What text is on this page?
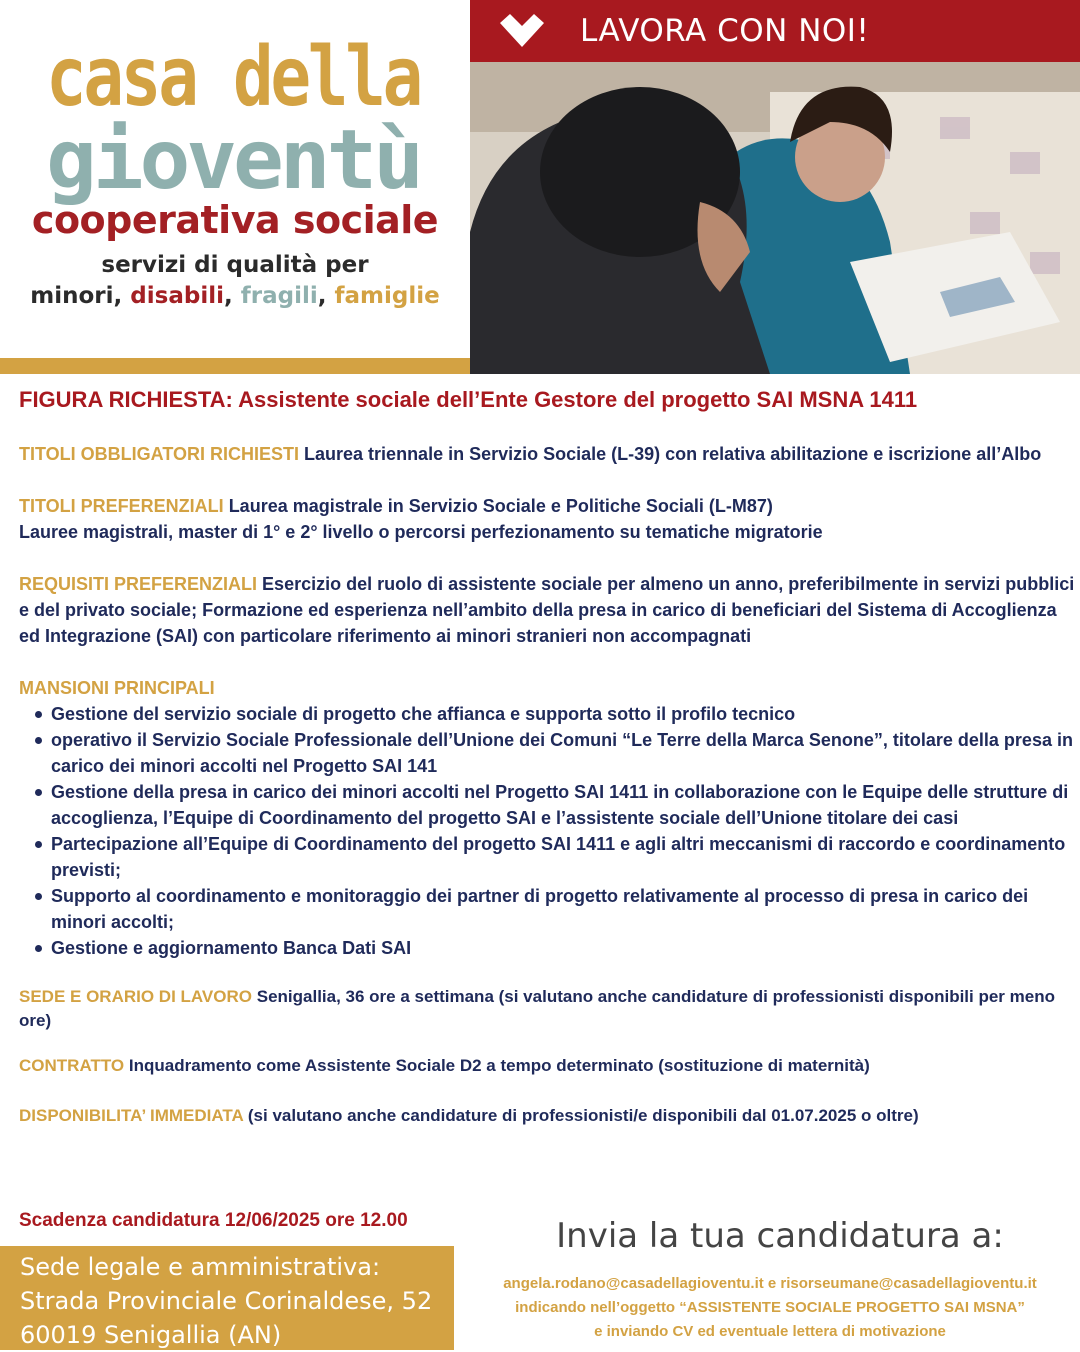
casa della
gioventù
cooperativa sociale
servizi di qualità per
minori, disabili, fragili, famiglie
LAVORA CON NOI!
FIGURA RICHIESTA: Assistente sociale dell’Ente Gestore del progetto SAI MSNA 1411
TITOLI OBBLIGATORI RICHIESTI Laurea triennale in Servizio Sociale (L-39) con relativa abilitazione e iscrizione all’Albo
TITOLI PREFERENZIALI Laurea magistrale in Servizio Sociale e Politiche Sociali (L-M87)
Lauree magistrali, master di 1° e 2° livello o percorsi perfezionamento su tematiche migratorie
REQUISITI PREFERENZIALI Esercizio del ruolo di assistente sociale per almeno un anno, preferibilmente in servizi pubblici e del privato sociale; Formazione ed esperienza nell’ambito della presa in carico di beneficiari del Sistema di Accoglienza ed Integrazione (SAI) con particolare riferimento ai minori stranieri non accompagnati
MANSIONI PRINCIPALI
Gestione del servizio sociale di progetto che affianca e supporta sotto il profilo tecnico
operativo il Servizio Sociale Professionale dell’Unione dei Comuni “Le Terre della Marca Senone”, titolare della presa in carico dei minori accolti nel Progetto SAI 141
Gestione della presa in carico dei minori accolti nel Progetto SAI 1411 in collaborazione con le Equipe delle strutture di accoglienza, l’Equipe di Coordinamento del progetto SAI e l’assistente sociale dell’Unione titolare dei casi
Partecipazione all’Equipe di Coordinamento del progetto SAI 1411 e agli altri meccanismi di raccordo e coordinamento previsti;
Supporto al coordinamento e monitoraggio dei partner di progetto relativamente al processo di presa in carico dei minori accolti;
Gestione e aggiornamento Banca Dati SAI
SEDE E ORARIO DI LAVORO Senigallia, 36 ore a settimana (si valutano anche candidature di professionisti disponibili per meno ore)
CONTRATTO Inquadramento come Assistente Sociale D2 a tempo determinato (sostituzione di maternità)
DISPONIBILITA’ IMMEDIATA (si valutano anche candidature di professionisti/e disponibili dal 01.07.2025 o oltre)
Scadenza candidatura 12/06/2025 ore 12.00
Sede legale e amministrativa:
Strada Provinciale Corinaldese, 52
60019 Senigallia (AN)
Invia la tua candidatura a:
angela.rodano@casadellagioventu.it e risorseumane@casadellagioventu.it
indicando nell’oggetto “ASSISTENTE SOCIALE PROGETTO SAI MSNA”
e inviando CV ed eventuale lettera di motivazione
